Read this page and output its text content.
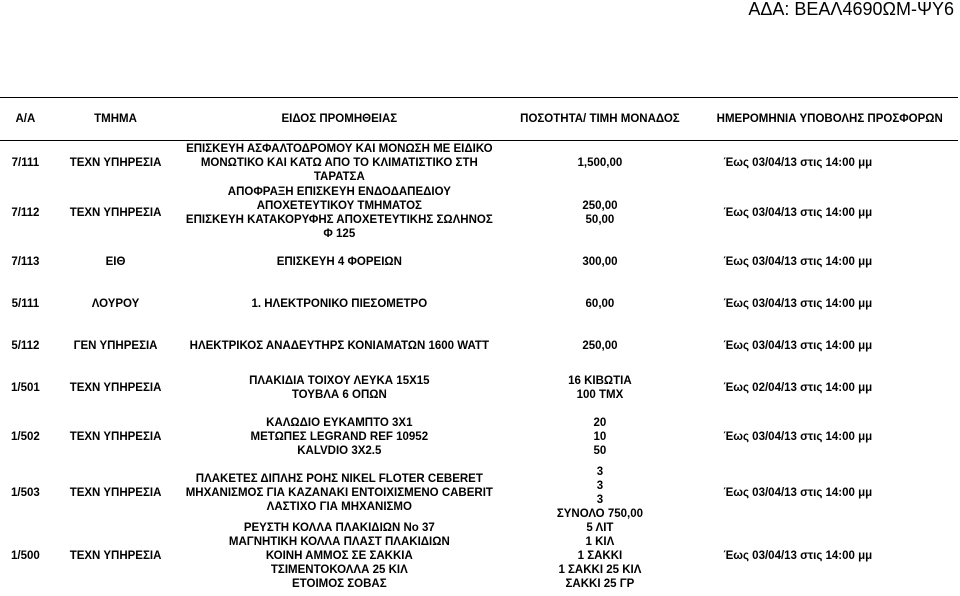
ΑΔΑ: ΒΕΑΛ4690ΩΜ-ΨΥ6
Α/Α	ΤΜΗΜΑ	ΕΙΔΟΣ ΠΡΟΜΗΘΕΙΑΣ	ΠΟΣΟΤΗΤΑ/ ΤΙΜΗ ΜΟΝΑΔΟΣ	ΗΜΕΡΟΜΗΝΙΑ ΥΠΟΒΟΛΗΣ ΠΡΟΣΦΟΡΩΝ
7/111	ΤΕΧΝ ΥΠΗΡΕΣΙΑ	ΕΠΙΣΚΕΥΗ ΑΣΦΑΛΤΟΔΡΟΜΟΥ ΚΑΙ ΜΟΝΩΣΗ ΜΕ ΕΙΔΙΚΟ
ΜΟΝΩΤΙΚΟ ΚΑΙ ΚΑΤΩ ΑΠΟ ΤΟ ΚΛΙΜΑΤΙΣΤΙΚΟ ΣΤΗ
ΤΑΡΑΤΣΑ	1,500,00	Έως 03/04/13 στις 14:00 μμ
7/112	ΤΕΧΝ ΥΠΗΡΕΣΙΑ	ΑΠΟΦΡΑΞΗ ΕΠΙΣΚΕΥΗ ΕΝΔΟΔΑΠΕΔΙΟΥ
ΑΠΟΧΕΤΕΥΤΙΚΟΥ ΤΜΗΜΑΤΟΣ
ΕΠΙΣΚΕΥΗ ΚΑΤΑΚΟΡΥΦΗΣ ΑΠΟΧΕΤΕΥΤΙΚΗΣ ΣΩΛΗΝΟΣ
Φ 125	250,00
50,00	Έως 03/04/13 στις 14:00 μμ
7/113	ΕΙΘ	ΕΠΙΣΚΕΥΗ 4 ΦΟΡΕΙΩΝ	300,00	Έως 03/04/13 στις 14:00 μμ
5/111	ΛΟΥΡΟΥ	1. ΗΛΕΚΤΡΟΝΙΚΟ ΠΙΕΣΟΜΕΤΡΟ	60,00	Έως 03/04/13 στις 14:00 μμ
5/112	ΓΕΝ ΥΠΗΡΕΣΙΑ	ΗΛΕΚΤΡΙΚΟΣ ΑΝΑΔΕΥΤΗΡΣ ΚΟΝΙΑΜΑΤΩΝ 1600 WATT	250,00	Έως 03/04/13 στις 14:00 μμ
1/501	ΤΕΧΝ ΥΠΗΡΕΣΙΑ	ΠΛΑΚΙΔΙΑ ΤΟΙΧΟΥ ΛΕΥΚΑ 15Χ15
ΤΟΥΒΛΑ 6 ΟΠΩΝ	16 ΚΙΒΩΤΙΑ
100 ΤΜΧ	Έως 02/04/13 στις 14:00 μμ
1/502	ΤΕΧΝ ΥΠΗΡΕΣΙΑ	ΚΑΛΩΔΙΟ ΕΥΚΑΜΠΤΟ 3Χ1
ΜΕΤΩΠΕΣ LEGRAND REF 10952
KALVDIO 3X2.5	20
10
50	Έως 03/04/13 στις 14:00 μμ
1/503	ΤΕΧΝ ΥΠΗΡΕΣΙΑ	ΠΛΑΚΕΤΕΣ ΔΙΠΛΗΣ ΡΟΗΣ NIKEL FLOTER CEBERET
ΜΗΧΑΝΙΣΜΟΣ ΓΙΑ ΚΑΖΑΝΑΚΙ ΕΝΤΟΙΧΙΣΜΕΝΟ CABERIT
ΛΑΣΤΙΧΟ ΓΙΑ ΜΗΧΑΝΙΣΜΟ	3
3
3
ΣΥΝΟΛΟ 750,00	Έως 03/04/13 στις 14:00 μμ
1/500	ΤΕΧΝ ΥΠΗΡΕΣΙΑ	ΡΕΥΣΤΗ ΚΟΛΛΑ ΠΛΑΚΙΔΙΩΝ No 37
ΜΑΓΝΗΤΙΚΗ ΚΟΛΛΑ ΠΛΑΣΤ ΠΛΑΚΙΔΙΩΝ
ΚΟΙΝΗ ΑΜΜΟΣ ΣΕ ΣΑΚΚΙΑ
ΤΣΙΜΕΝΤΟΚΟΛΛΑ 25 ΚΙΛ
ΕΤΟΙΜΟΣ ΣΟΒΑΣ	5 ΛΙΤ
1 ΚΙΛ
1 ΣΑΚΚΙ
1 ΣΑΚΚΙ 25 ΚΙΛ
ΣΑΚΚΙ 25 ΓΡ	Έως 03/04/13 στις 14:00 μμ
